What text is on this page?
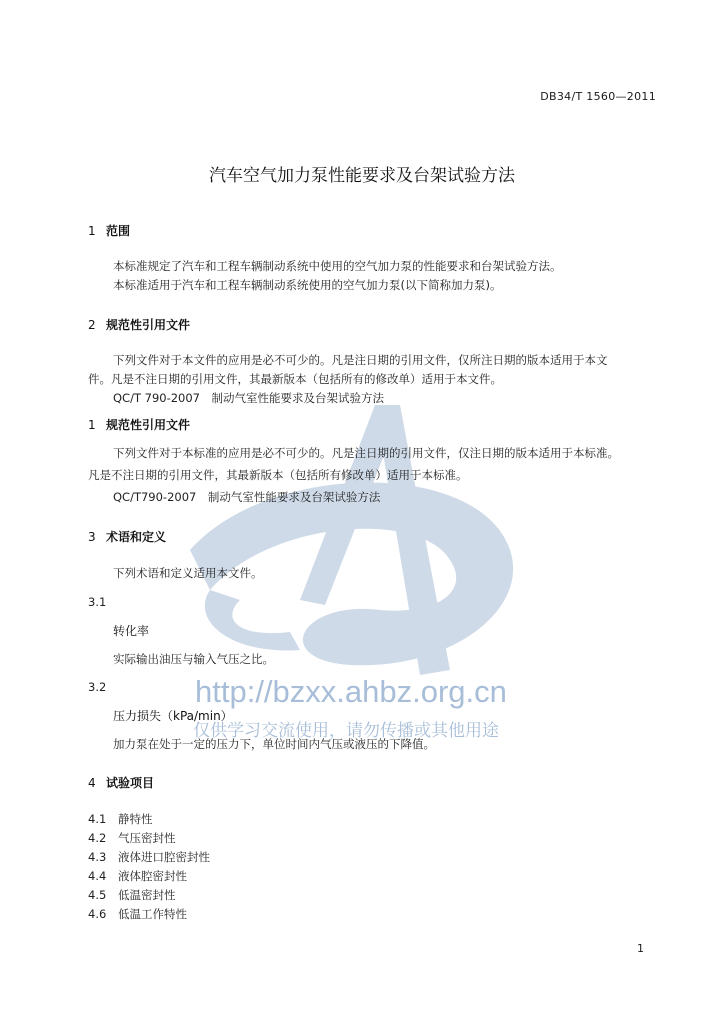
DB34/T 1560—2011
汽车空气加力泵性能要求及台架试验方法
1 范围
本标准规定了汽车和工程车辆制动系统中使用的空气加力泵的性能要求和台架试验方法。
本标准适用于汽车和工程车辆制动系统使用的空气加力泵(以下简称加力泵)。
2 规范性引用文件
下列文件对于本文件的应用是必不可少的。凡是注日期的引用文件，仅所注日期的版本适用于本文
件。凡是不注日期的引用文件，其最新版本（包括所有的修改单）适用于本文件。
QC/T 790-2007　制动气室性能要求及台架试验方法
1 规范性引用文件
下列文件对于本标准的应用是必不可少的。凡是注日期的引用文件，仅注日期的版本适用于本标准。
凡是不注日期的引用文件，其最新版本（包括所有修改单）适用于本标准。
QC/T790-2007　制动气室性能要求及台架试验方法
3 术语和定义
下列术语和定义适用本文件。
3.1
转化率
实际输出油压与输入气压之比。
3.2
压力损失（kPa/min）
加力泵在处于一定的压力下，单位时间内气压或液压的下降值。
4 试验项目
4.1 静特性
4.2 气压密封性
4.3 液体进口腔密封性
4.4 液体腔密封性
4.5 低温密封性
4.6 低温工作特性
http://bzxx.ahbz.org.cn
仅供学习交流使用，请勿传播或其他用途
1
